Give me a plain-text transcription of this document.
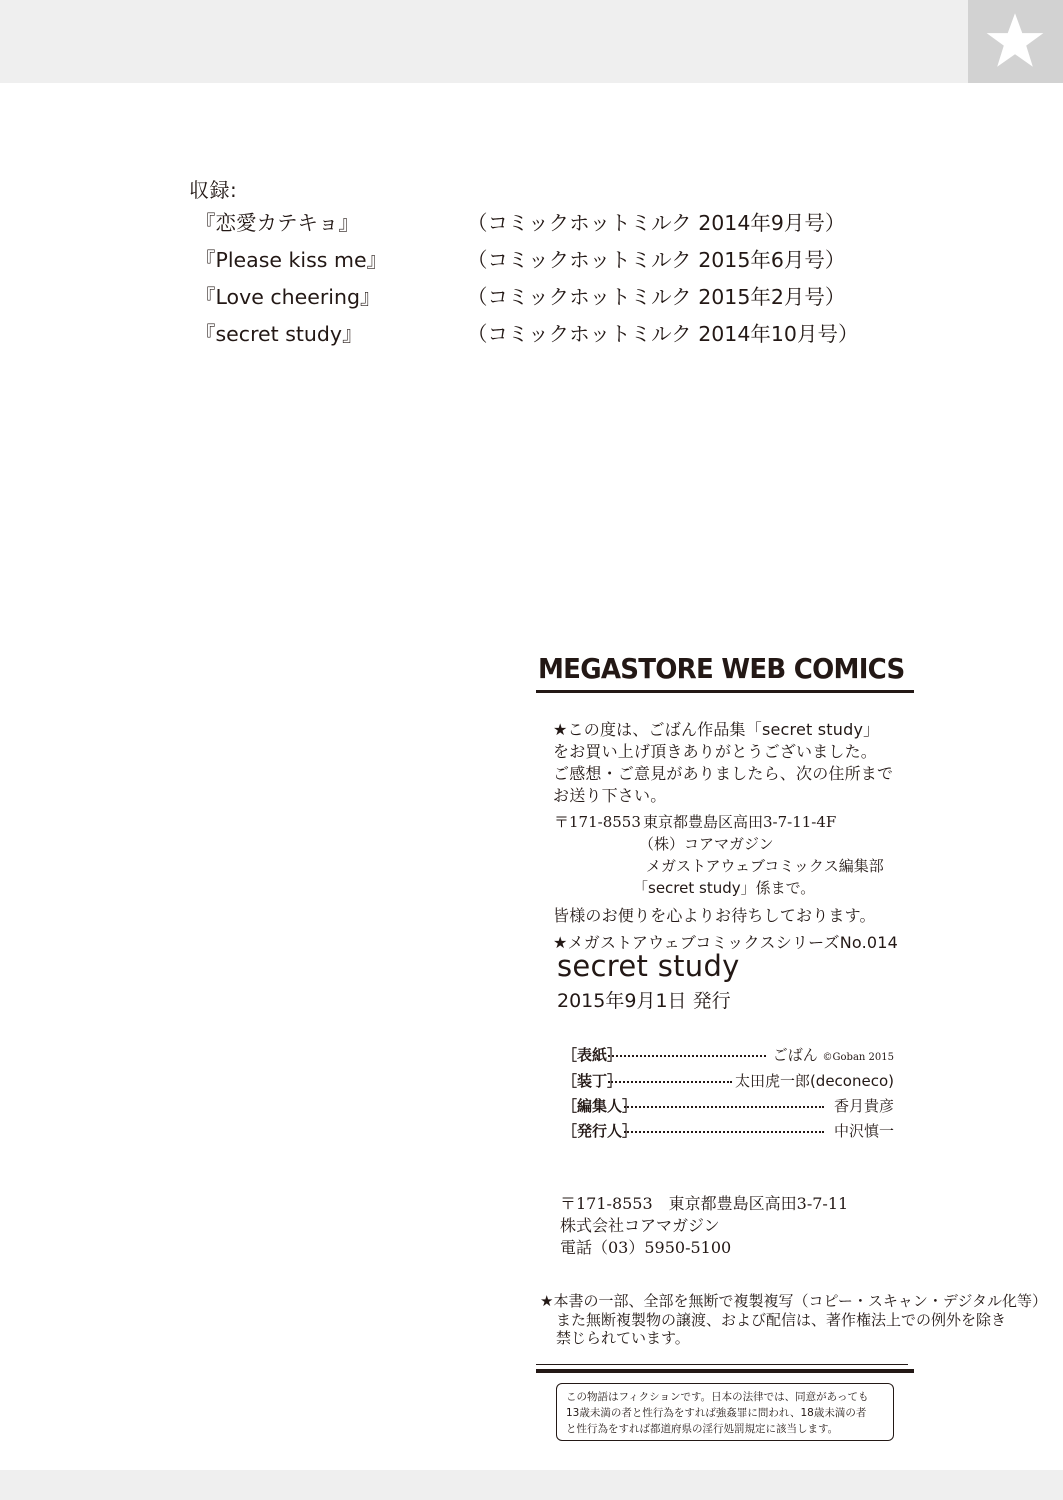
収録:
『恋愛カテキョ』	（コミックホットミルク 2014年9月号）
『Please kiss me』	（コミックホットミルク 2015年6月号）
『Love cheering』	（コミックホットミルク 2015年2月号）
『secret study』	（コミックホットミルク 2014年10月号）
MEGASTORE WEB COMICS
★この度は、ごばん作品集「secret study」
をお買い上げ頂きありがとうございました。
ご感想・ご意見がありましたら、次の住所まで
お送り下さい。
〒171-8553 東京都豊島区高田3-7-11-4F
（株）コアマガジン
メガストアウェブコミックス編集部
「secret study」係まで。
皆様のお便りを心よりお待ちしております。
★メガストアウェブコミックスシリーズNo.014
secret study
2015年9月1日 発行
［表紙］	ごばん ©Goban 2015
［装丁］	太田虎一郎(deconeco)
［編集人］	香月貴彦
［発行人］	中沢慎一
〒171-8553　東京都豊島区高田3-7-11
株式会社コアマガジン
電話（03）5950-5100
★本書の一部、全部を無断で複製複写（コピー・スキャン・デジタル化等）
また無断複製物の譲渡、および配信は、著作権法上での例外を除き
禁じられています。
この物語はフィクションです。日本の法律では、同意があっても
13歳未満の者と性行為をすれば強姦罪に問われ、18歳未満の者
と性行為をすれば都道府県の淫行処罰規定に該当します。
